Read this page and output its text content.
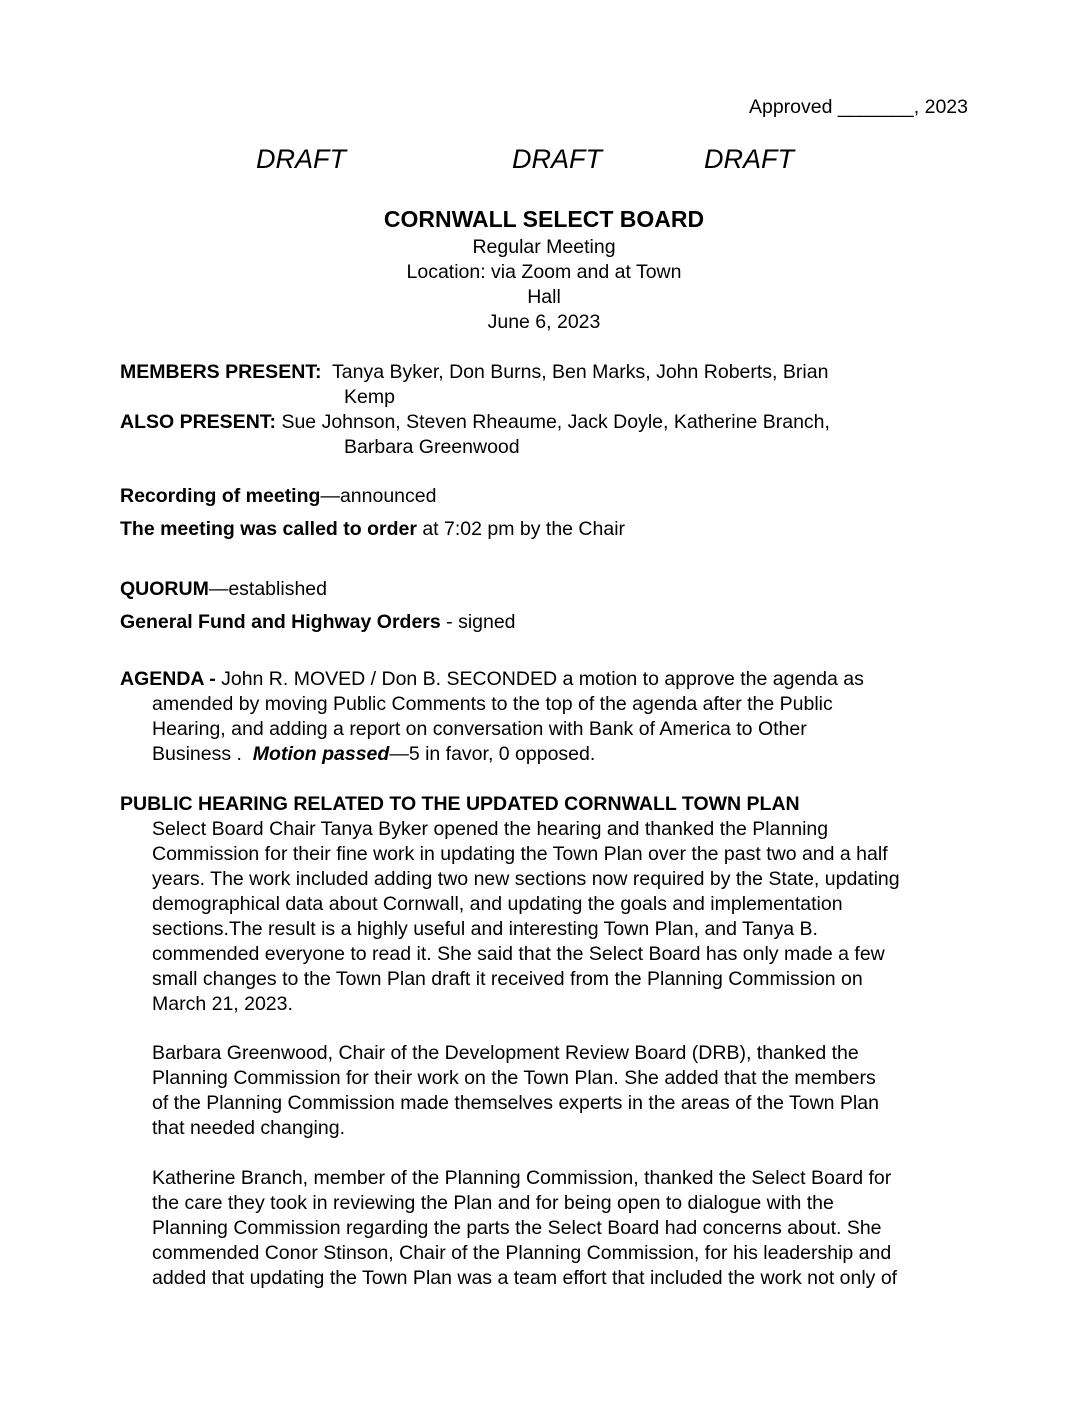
Approved _______, 2023
DRAFT	DRAFT	DRAFT
CORNWALL SELECT BOARD
Regular Meeting
Location: via Zoom and at Town
Hall
June 6, 2023
MEMBERS PRESENT: Tanya Byker, Don Burns, Ben Marks, John Roberts, Brian
Kemp
ALSO PRESENT: Sue Johnson, Steven Rheaume, Jack Doyle, Katherine Branch,
Barbara Greenwood
Recording of meeting—announced
The meeting was called to order at 7:02 pm by the Chair
QUORUM—established
General Fund and Highway Orders - signed
AGENDA - John R. MOVED / Don B. SECONDED a motion to approve the agenda as
amended by moving Public Comments to the top of the agenda after the Public
Hearing, and adding a report on conversation with Bank of America to Other
Business .  Motion passed—5 in favor, 0 opposed.
PUBLIC HEARING RELATED TO THE UPDATED CORNWALL TOWN PLAN
Select Board Chair Tanya Byker opened the hearing and thanked the Planning
Commission for their fine work in updating the Town Plan over the past two and a half
years. The work included adding two new sections now required by the State, updating
demographical data about Cornwall, and updating the goals and implementation
sections.The result is a highly useful and interesting Town Plan, and Tanya B.
commended everyone to read it. She said that the Select Board has only made a few
small changes to the Town Plan draft it received from the Planning Commission on
March 21, 2023.
Barbara Greenwood, Chair of the Development Review Board (DRB), thanked the
Planning Commission for their work on the Town Plan. She added that the members
of the Planning Commission made themselves experts in the areas of the Town Plan
that needed changing.
Katherine Branch, member of the Planning Commission, thanked the Select Board for
the care they took in reviewing the Plan and for being open to dialogue with the
Planning Commission regarding the parts the Select Board had concerns about. She
commended Conor Stinson, Chair of the Planning Commission, for his leadership and
added that updating the Town Plan was a team effort that included the work not only of
